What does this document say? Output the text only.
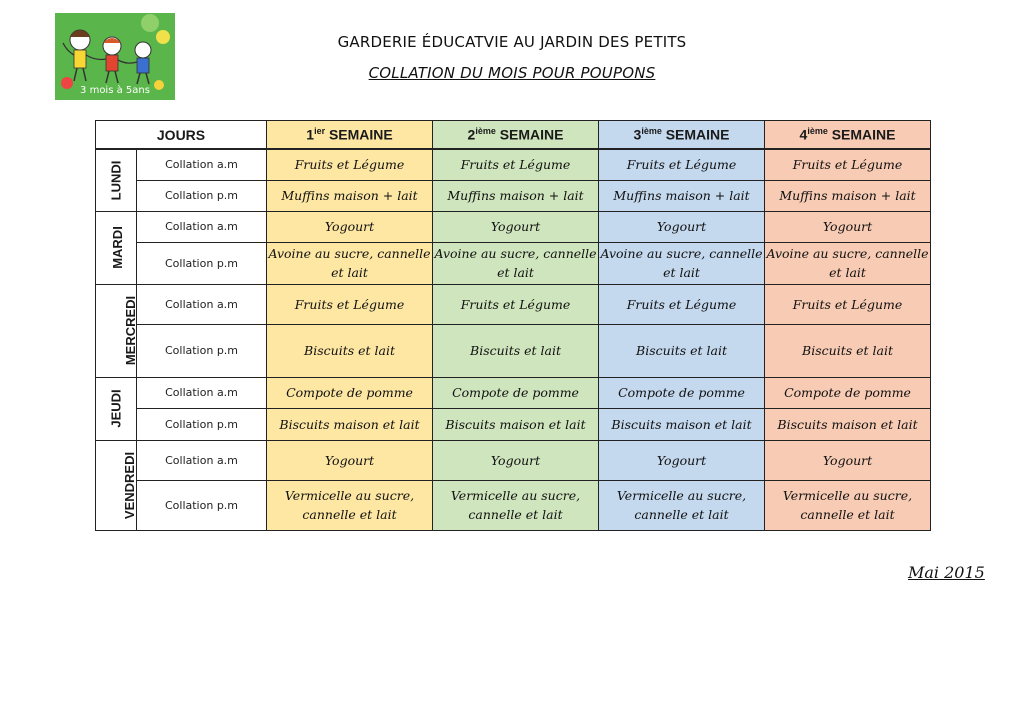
3 mois à 5ans
GARDERIE ÉDUCATVIE AU JARDIN DES PETITS
COLLATION DU MOIS POUR POUPONS
JOURS		$1^{ier}$ SEMAINE	2ième SEMAINE	3ième SEMAINE	4ième SEMAINE
LUNDI	Collation a.m	Fruits et Légume	Fruits et Légume	Fruits et Légume	Fruits et Légume
	Collation p.m	Muffins maison + lait	Muffins maison + lait	Muffins maison + lait	Muffins maison + lait
MARDI	Collation a.m	Yogourt	Yogourt	Yogourt	Yogourt
	Collation p.m	Avoine au sucre, cannelle et lait	Avoine au sucre, cannelle et lait	Avoine au sucre, cannelle et lait	Avoine au sucre, cannelle et lait
MERCREDI	Collation a.m	Fruits et Légume	Fruits et Légume	Fruits et Légume	Fruits et Légume
	Collation p.m	Biscuits et lait	Biscuits et lait	Biscuits et lait	Biscuits et lait
JEUDI	Collation a.m	Compote de pomme	Compote de pomme	Compote de pomme	Compote de pomme
	Collation p.m	Biscuits maison et lait	Biscuits maison et lait	Biscuits maison et lait	Biscuits maison et lait
VENDREDI	Collation a.m	Yogourt	Yogourt	Yogourt	Yogourt
	Collation p.m	Vermicelle au sucre, cannelle et lait	Vermicelle au sucre, cannelle et lait	Vermicelle au sucre, cannelle et lait	Vermicelle au sucre, cannelle et lait
Mai 2015
